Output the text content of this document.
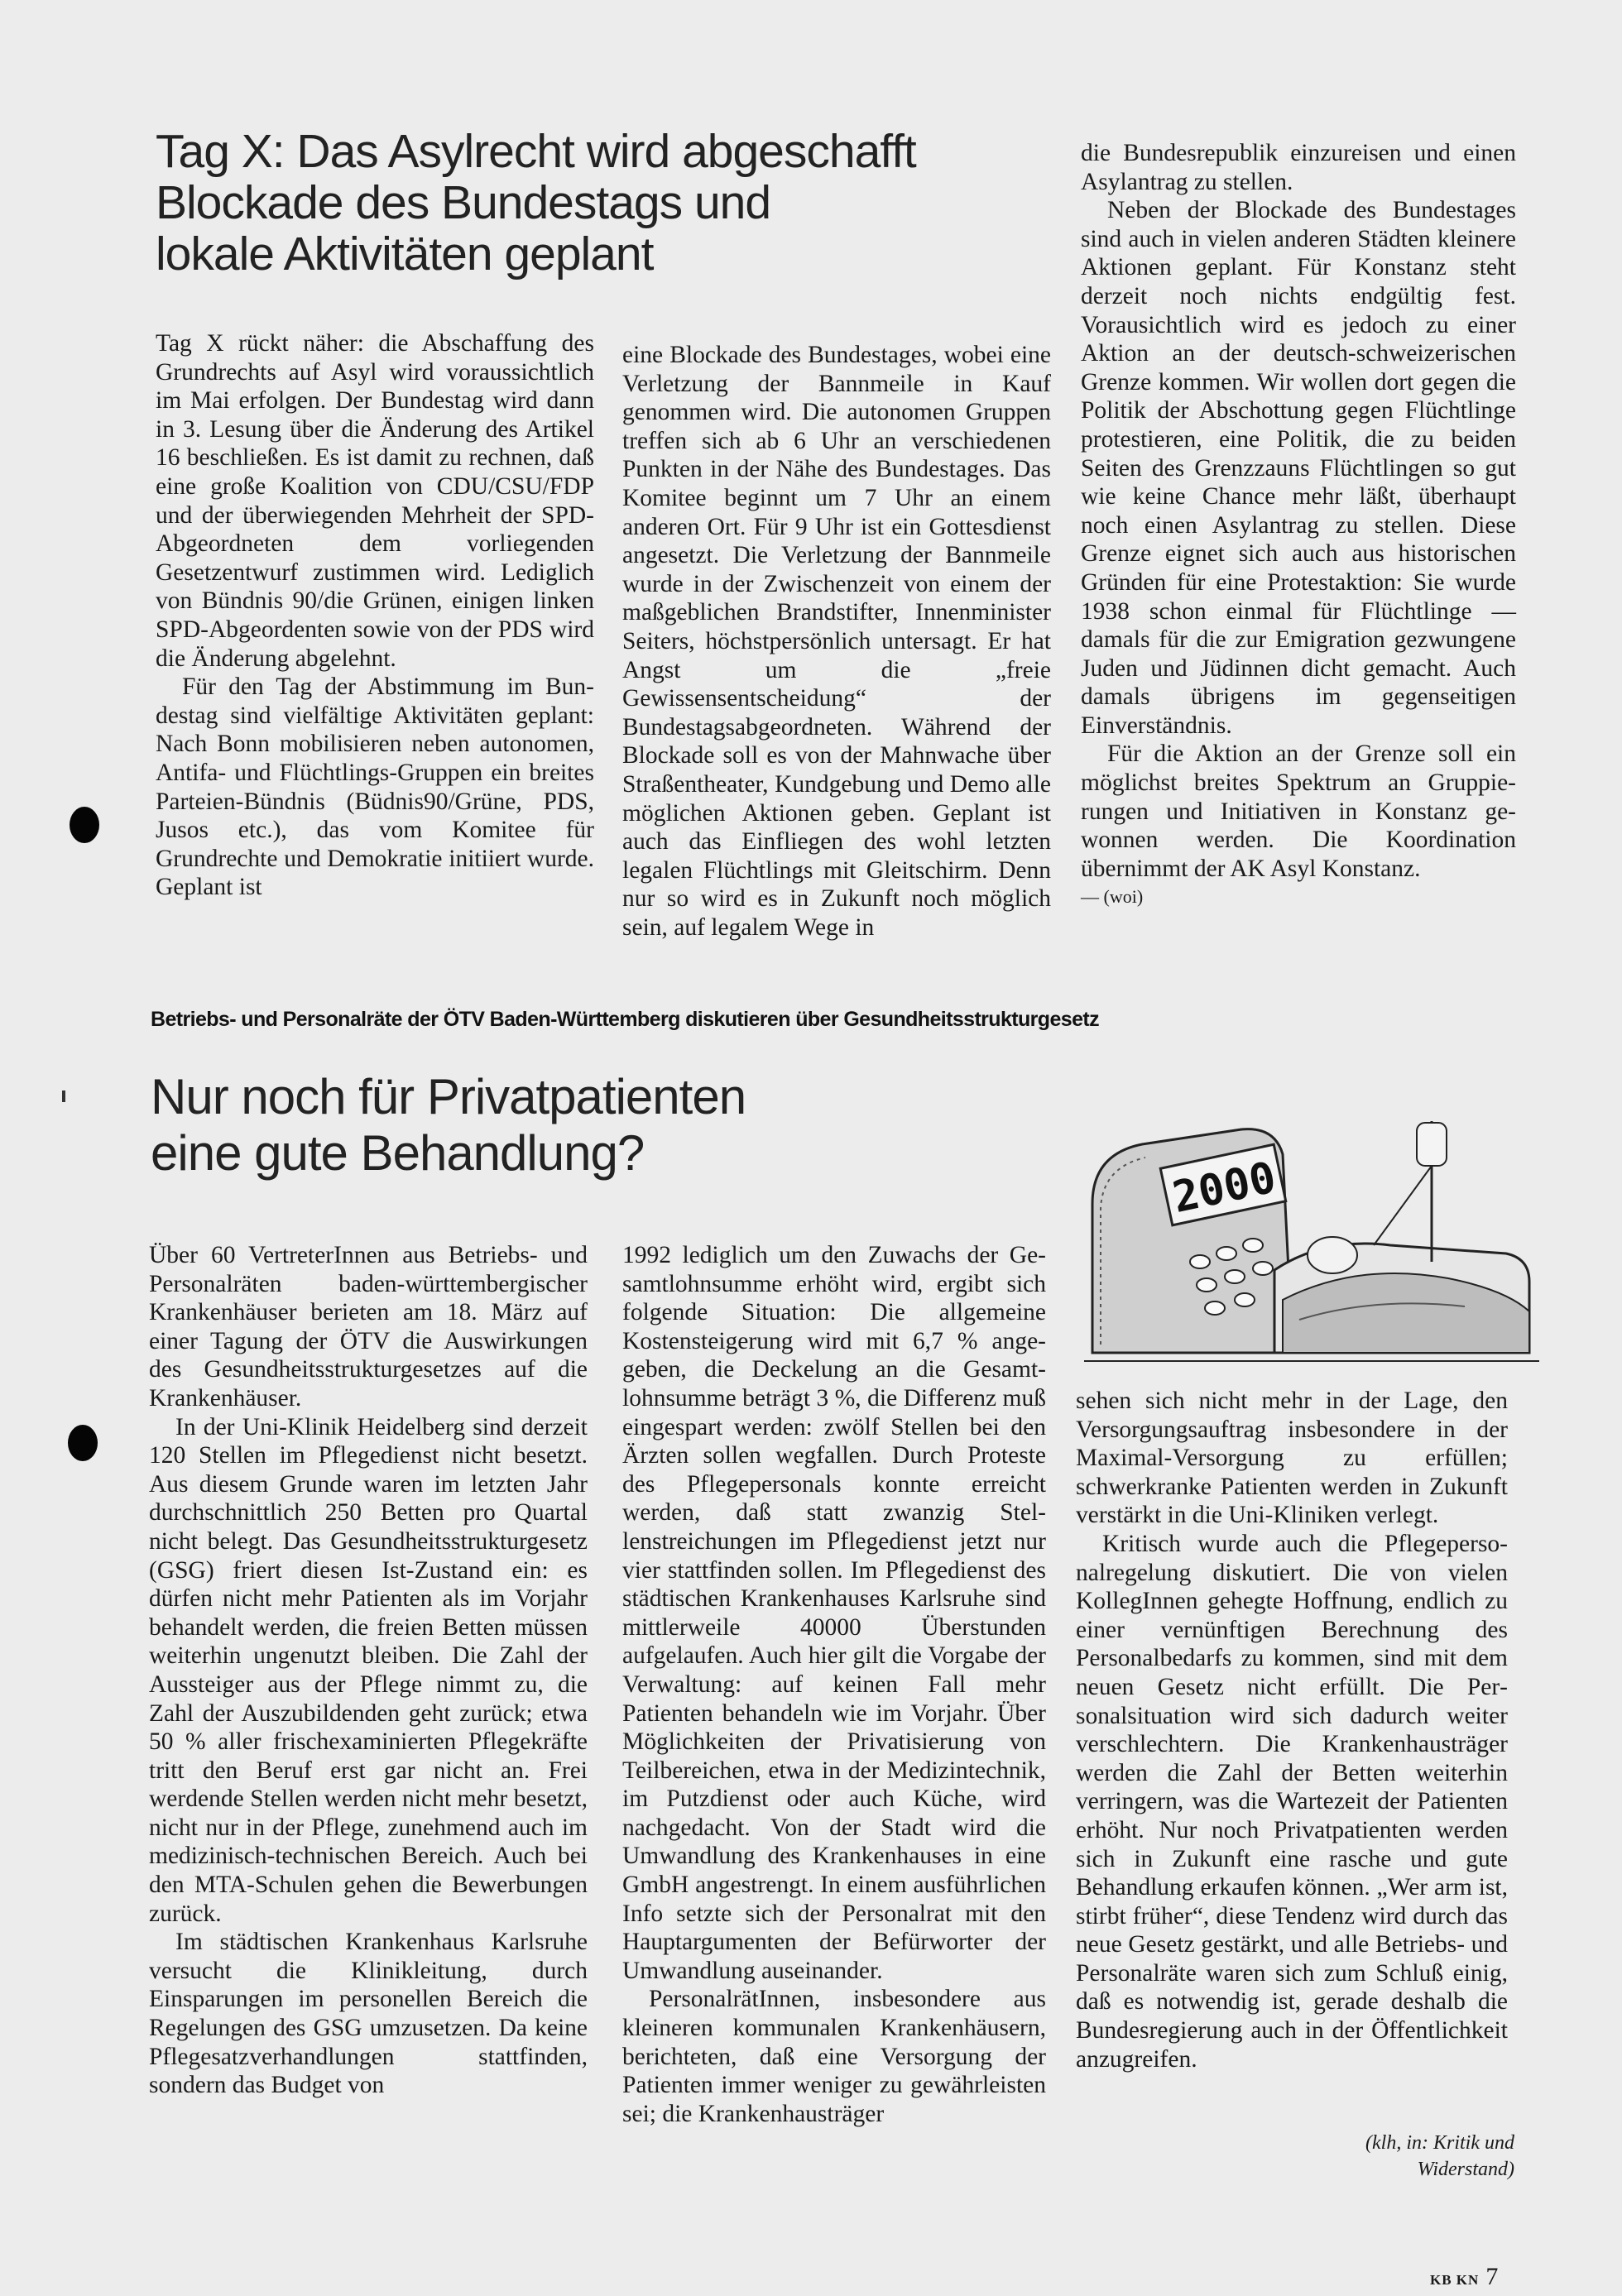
Tag X: Das Asylrecht wird abgeschafft
Blockade des Bundestags und
lokale Aktivitäten geplant

Tag X rückt näher: die Abschaffung des Grundrechts auf Asyl wird voraussichtlich im Mai erfolgen. Der Bundestag wird dann in 3. Lesung über die Änderung des Artikel 16 beschließen. Es ist damit zu rechnen, daß eine große Koalition von CDU/CSU/FDP und der überwiegenden Mehrheit der SPD-Abgeordneten dem vorliegenden Gesetzentwurf zustimmen wird. Lediglich von Bündnis 90/die Grünen, einigen linken SPD-Abgeordenten sowie von der PDS wird die Änderung abgelehnt.

Für den Tag der Abstimmung im Bundestag sind vielfältige Aktivitäten geplant: Nach Bonn mobilisieren neben autonomen, Antifa- und Flüchtlings-Gruppen ein breites Parteien-Bündnis (Büdnis90/Grüne, PDS, Jusos etc.), das vom Komitee für Grundrechte und Demokratie initiiert wurde. Geplant ist

eine Blockade des Bundestages, wobei eine Verletzung der Bannmeile in Kauf genommen wird. Die autonomen Gruppen treffen sich ab 6 Uhr an verschiedenen Punkten in der Nähe des Bundestages. Das Komitee beginnt um 7 Uhr an einem anderen Ort. Für 9 Uhr ist ein Gottesdienst angesetzt. Die Verletzung der Bannmeile wurde in der Zwischenzeit von einem der maßgeblichen Brandstifter, Innenminister Seiters, höchstpersönlich untersagt. Er hat Angst um die „freie Gewissensentscheidung“ der Bundestagsabgeordneten. Während der Blockade soll es von der Mahnwache über Straßentheater, Kundgebung und Demo alle möglichen Aktionen geben. Geplant ist auch das Einfliegen des wohl letzten legalen Flüchtlings mit Gleitschirm. Denn nur so wird es in Zukunft noch möglich sein, auf legalem Wege in

die Bundesrepublik einzureisen und einen Asylantrag zu stellen.

Neben der Blockade des Bundestages sind auch in vielen anderen Städten kleinere Aktionen geplant. Für Konstanz steht derzeit noch nichts endgültig fest. Vorausichtlich wird es jedoch zu einer Aktion an der deutsch-schweizerischen Grenze kommen. Wir wollen dort gegen die Politik der Abschottung gegen Flüchtlinge protestieren, eine Politik, die zu beiden Seiten des Grenzzauns Flüchtlingen so gut wie keine Chance mehr läßt, überhaupt noch einen Asylantrag zu stellen. Diese Grenze eignet sich auch aus historischen Gründen für eine Protestaktion: Sie wurde 1938 schon einmal für Flüchtlinge — damals für die zur Emigration gezwungene Juden und Jüdinnen dicht gemacht. Auch damals übrigens im gegenseitigen Einverständnis.

Für die Aktion an der Grenze soll ein möglichst breites Spektrum an Gruppierungen und Initiativen in Konstanz gewonnen werden. Die Koordination übernimmt der AK Asyl Konstanz.

— (woi)

Betriebs- und Personalräte der ÖTV Baden-Württemberg diskutieren über Gesundheitsstrukturgesetz
Nur noch für Privatpatienten
eine gute Behandlung?	2000

Über 60 VertreterInnen aus Betriebs- und Personalräten baden-württembergischer Krankenhäuser berieten am 18. März auf einer Tagung der ÖTV die Auswirkungen des Gesundheitsstrukturgesetzes auf die Krankenhäuser.

In der Uni-Klinik Heidelberg sind derzeit 120 Stellen im Pflegedienst nicht besetzt. Aus diesem Grunde waren im letzten Jahr durchschnittlich 250 Betten pro Quartal nicht belegt. Das Gesundheitsstrukturgesetz (GSG) friert diesen Ist-Zustand ein: es dürfen nicht mehr Patienten als im Vorjahr behandelt werden, die freien Betten müssen weiterhin ungenutzt bleiben. Die Zahl der Aussteiger aus der Pflege nimmt zu, die Zahl der Auszubildenden geht zurück; etwa 50 % aller frischexaminierten Pflegekräfte tritt den Beruf erst gar nicht an. Frei werdende Stellen werden nicht mehr besetzt, nicht nur in der Pflege, zunehmend auch im medizinisch-technischen Bereich. Auch bei den MTA-Schulen gehen die Bewerbungen zurück.

Im städtischen Krankenhaus Karlsruhe versucht die Klinikleitung, durch Einsparungen im personellen Bereich die Regelungen des GSG umzusetzen. Da keine Pflegesatzverhandlungen stattfinden, sondern das Budget von

1992 lediglich um den Zuwachs der Gesamtlohnsumme erhöht wird, ergibt sich folgende Situation: Die allgemeine Kostensteigerung wird mit 6,7 % angegeben, die Deckelung an die Gesamtlohnsumme beträgt 3 %, die Differenz muß eingespart werden: zwölf Stellen bei den Ärzten sollen wegfallen. Durch Proteste des Pflegepersonals konnte erreicht werden, daß statt zwanzig Stellenstreichungen im Pflegedienst jetzt nur vier stattfinden sollen. Im Pflegedienst des städtischen Krankenhauses Karlsruhe sind mittlerweile 40000 Überstunden aufgelaufen. Auch hier gilt die Vorgabe der Verwaltung: auf keinen Fall mehr Patienten behandeln wie im Vorjahr. Über Möglichkeiten der Privatisierung von Teilbereichen, etwa in der Medizintechnik, im Putzdienst oder auch Küche, wird nachgedacht. Von der Stadt wird die Umwandlung des Krankenhauses in eine GmbH angestrengt. In einem ausführlichen Info setzte sich der Personalrat mit den Hauptargumenten der Befürworter der Umwandlung auseinander.

PersonalrätInnen, insbesondere aus kleineren kommunalen Krankenhäusern, berichteten, daß eine Versorgung der Patienten immer weniger zu gewährleisten sei; die Krankenhausträger

sehen sich nicht mehr in der Lage, den Versorgungsauftrag insbesondere in der Maximal-Versorgung zu erfüllen; schwerkranke Patienten werden in Zukunft verstärkt in die Uni-Kliniken verlegt.

Kritisch wurde auch die Pflegepersonalregelung diskutiert. Die von vielen KollegInnen gehegte Hoffnung, endlich zu einer vernünftigen Berechnung des Personalbedarfs zu kommen, sind mit dem neuen Gesetz nicht erfüllt. Die Personalsituation wird sich dadurch weiter verschlechtern. Die Krankenhausträger werden die Zahl der Betten weiterhin verringern, was die Wartezeit der Patienten erhöht. Nur noch Privatpatienten werden sich in Zukunft eine rasche und gute Behandlung erkaufen können. „Wer arm ist, stirbt früher“, diese Tendenz wird durch das neue Gesetz gestärkt, und alle Betriebs- und Personalräte waren sich zum Schluß einig, daß es notwendig ist, gerade deshalb die Bundesregierung auch in der Öffentlichkeit anzugreifen.

(klh, in: Kritik und Widerstand)
KB KN 7
